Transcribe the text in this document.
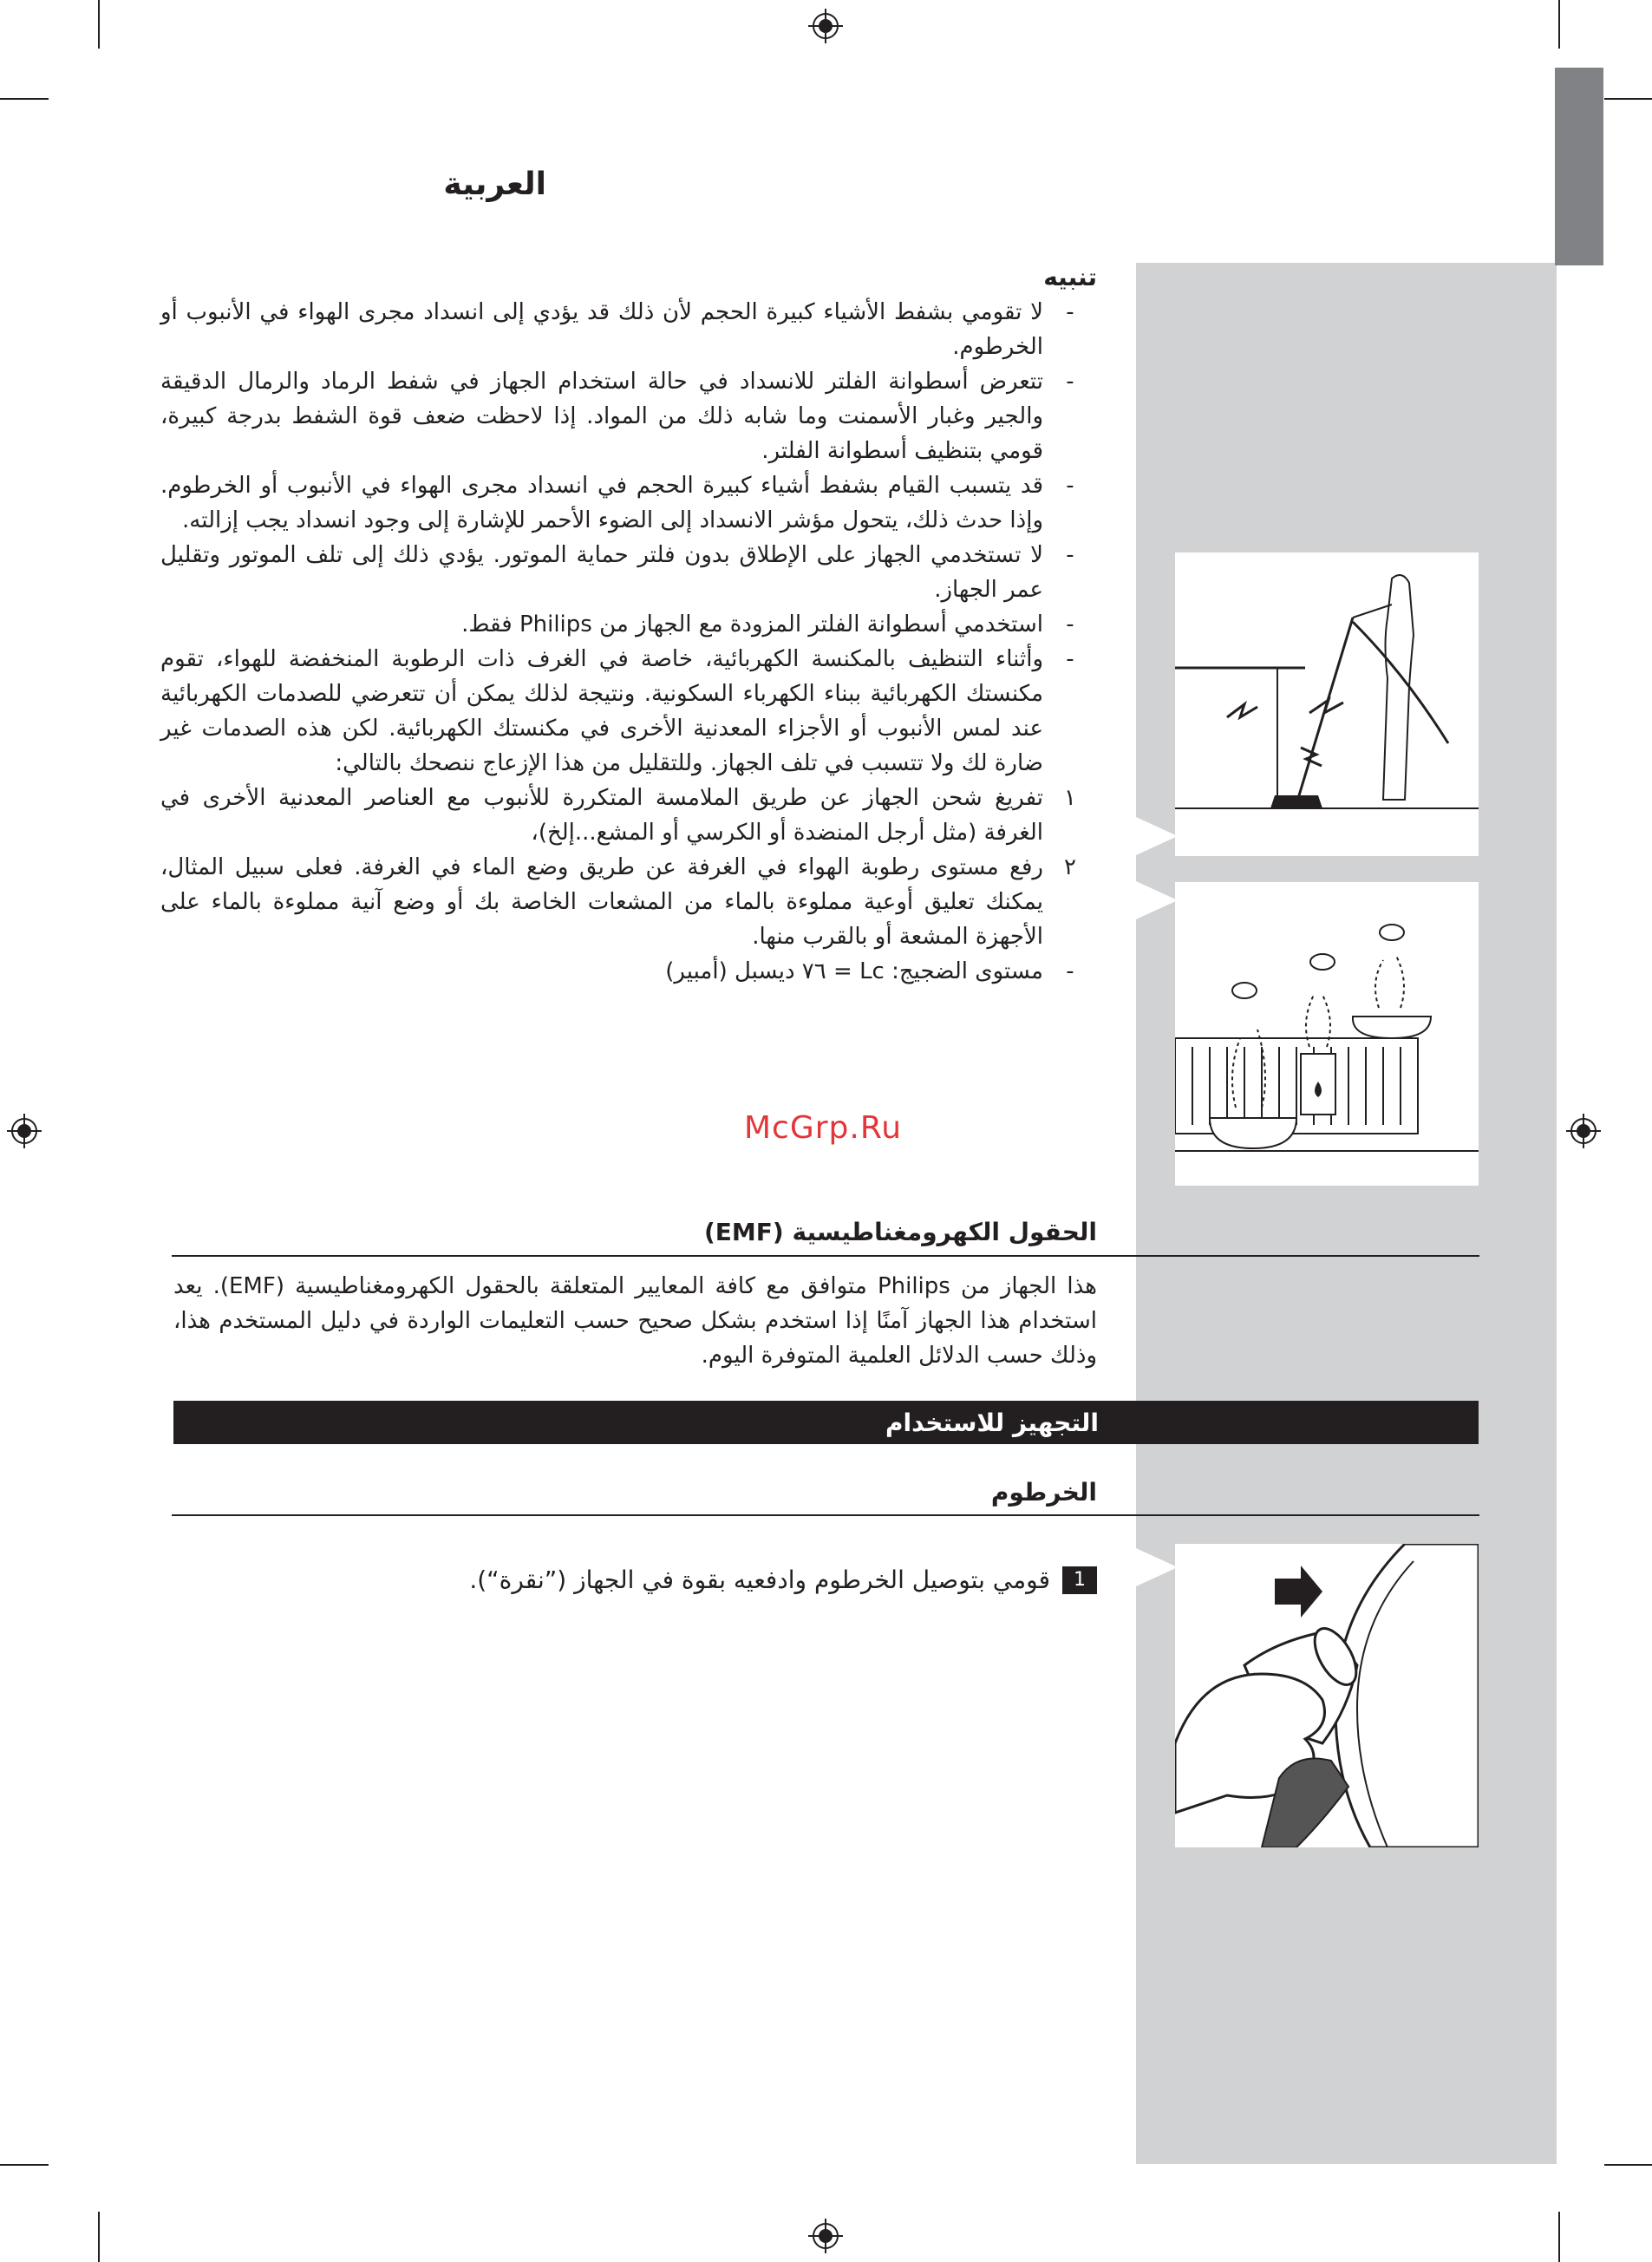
العربية
تنبيه
-
لا تقومي بشفط الأشياء كبيرة الحجم لأن ذلك قد يؤدي إلى انسداد مجرى الهواء في الأنبوب أو الخرطوم.
-
تتعرض أسطوانة الفلتر للانسداد في حالة استخدام الجهاز في شفط الرماد والرمال الدقيقة والجير وغبار الأسمنت وما شابه ذلك من المواد. إذا لاحظت ضعف قوة الشفط بدرجة كبيرة، قومي بتنظيف أسطوانة الفلتر.
-
قد يتسبب القيام بشفط أشياء كبيرة الحجم في انسداد مجرى الهواء في الأنبوب أو الخرطوم. وإذا حدث ذلك، يتحول مؤشر الانسداد إلى الضوء الأحمر للإشارة إلى وجود انسداد يجب إزالته.
-
لا تستخدمي الجهاز على الإطلاق بدون فلتر حماية الموتور. يؤدي ذلك إلى تلف الموتور وتقليل عمر الجهاز.
-
استخدمي أسطوانة الفلتر المزودة مع الجهاز من Philips فقط.
-
وأثناء التنظيف بالمكنسة الكهربائية، خاصة في الغرف ذات الرطوبة المنخفضة للهواء، تقوم مكنستك الكهربائية ببناء الكهرباء السكونية. ونتيجة لذلك يمكن أن تتعرضي للصدمات الكهربائية عند لمس الأنبوب أو الأجزاء المعدنية الأخرى في مكنستك الكهربائية. لكن هذه الصدمات غير ضارة لك ولا تتسبب في تلف الجهاز. وللتقليل من هذا الإزعاج ننصحك بالتالي:
١
تفريغ شحن الجهاز عن طريق الملامسة المتكررة للأنبوب مع العناصر المعدنية الأخرى في الغرفة (مثل أرجل المنضدة أو الكرسي أو المشع...إلخ)،
٢
رفع مستوى رطوبة الهواء في الغرفة عن طريق وضع الماء في الغرفة. فعلى سبيل المثال، يمكنك تعليق أوعية مملوءة بالماء من المشعات الخاصة بك أو وضع آنية مملوءة بالماء على الأجهزة المشعة أو بالقرب منها.
-
مستوى الضجيج: Lc = ٧٦ ديسبل (أمبير)
McGrp.Ru
الحقول الكهرومغناطيسية (EMF)
هذا الجهاز من Philips متوافق مع كافة المعايير المتعلقة بالحقول الكهرومغناطيسية (EMF). يعد استخدام هذا الجهاز آمنًا إذا استخدم بشكل صحيح حسب التعليمات الواردة في دليل المستخدم هذا، وذلك حسب الدلائل العلمية المتوفرة اليوم.
التجهيز للاستخدام
الخرطوم
1
قومي بتوصيل الخرطوم وادفعيه بقوة في الجهاز (”نقرة“).
